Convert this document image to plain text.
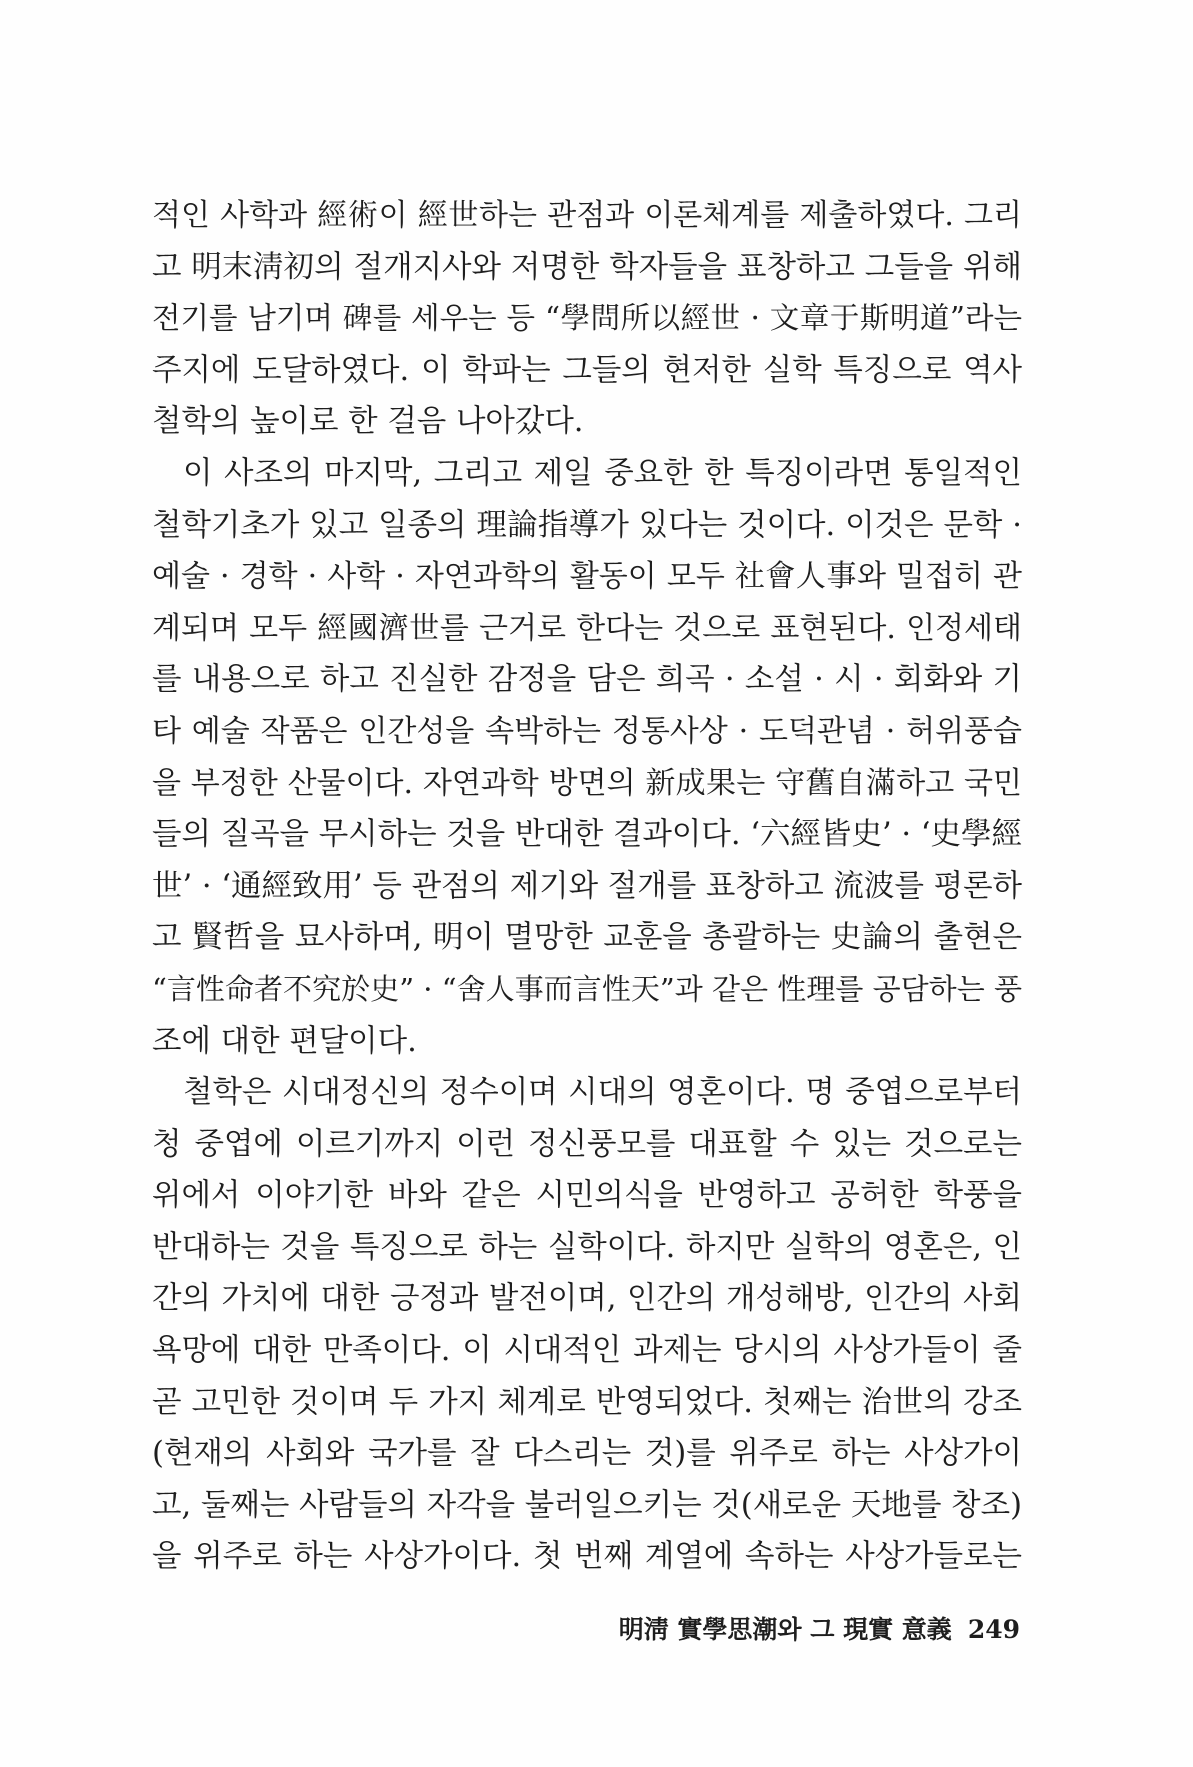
적인 사학과 經術이 經世하는 관점과 이론체계를 제출하였다. 그리
고 明末淸初의 절개지사와 저명한 학자들을 표창하고 그들을 위해
전기를 남기며 碑를 세우는 등 “學問所以經世 · 文章于斯明道”라는
주지에 도달하였다. 이 학파는 그들의 현저한 실학 특징으로 역사
철학의 높이로 한 걸음 나아갔다.
이 사조의 마지막, 그리고 제일 중요한 한 특징이라면 통일적인
철학기초가 있고 일종의 理論指導가 있다는 것이다. 이것은 문학 ·
예술 · 경학 · 사학 · 자연과학의 활동이 모두 社會人事와 밀접히 관
계되며 모두 經國濟世를 근거로 한다는 것으로 표현된다. 인정세태
를 내용으로 하고 진실한 감정을 담은 희곡 · 소설 · 시 · 회화와 기
타 예술 작품은 인간성을 속박하는 정통사상 · 도덕관념 · 허위풍습
을 부정한 산물이다. 자연과학 방면의 新成果는 守舊自滿하고 국민
들의 질곡을 무시하는 것을 반대한 결과이다. ‘六經皆史’ · ‘史學經
世’ · ‘通經致用’ 등 관점의 제기와 절개를 표창하고 流波를 평론하
고 賢哲을 묘사하며, 明이 멸망한 교훈을 총괄하는 史論의 출현은
“言性命者不究於史” · “舍人事而言性天”과 같은 性理를 공담하는 풍
조에 대한 편달이다.
철학은 시대정신의 정수이며 시대의 영혼이다. 명 중엽으로부터
청 중엽에 이르기까지 이런 정신풍모를 대표할 수 있는 것으로는
위에서 이야기한 바와 같은 시민의식을 반영하고 공허한 학풍을
반대하는 것을 특징으로 하는 실학이다. 하지만 실학의 영혼은, 인
간의 가치에 대한 긍정과 발전이며, 인간의 개성해방, 인간의 사회
욕망에 대한 만족이다. 이 시대적인 과제는 당시의 사상가들이 줄
곧 고민한 것이며 두 가지 체계로 반영되었다. 첫째는 治世의 강조
(현재의 사회와 국가를 잘 다스리는 것)를 위주로 하는 사상가이
고, 둘째는 사람들의 자각을 불러일으키는 것(새로운 天地를 창조)
을 위주로 하는 사상가이다. 첫 번째 계열에 속하는 사상가들로는
明淸 實學思潮와 그 現實 意義 249
